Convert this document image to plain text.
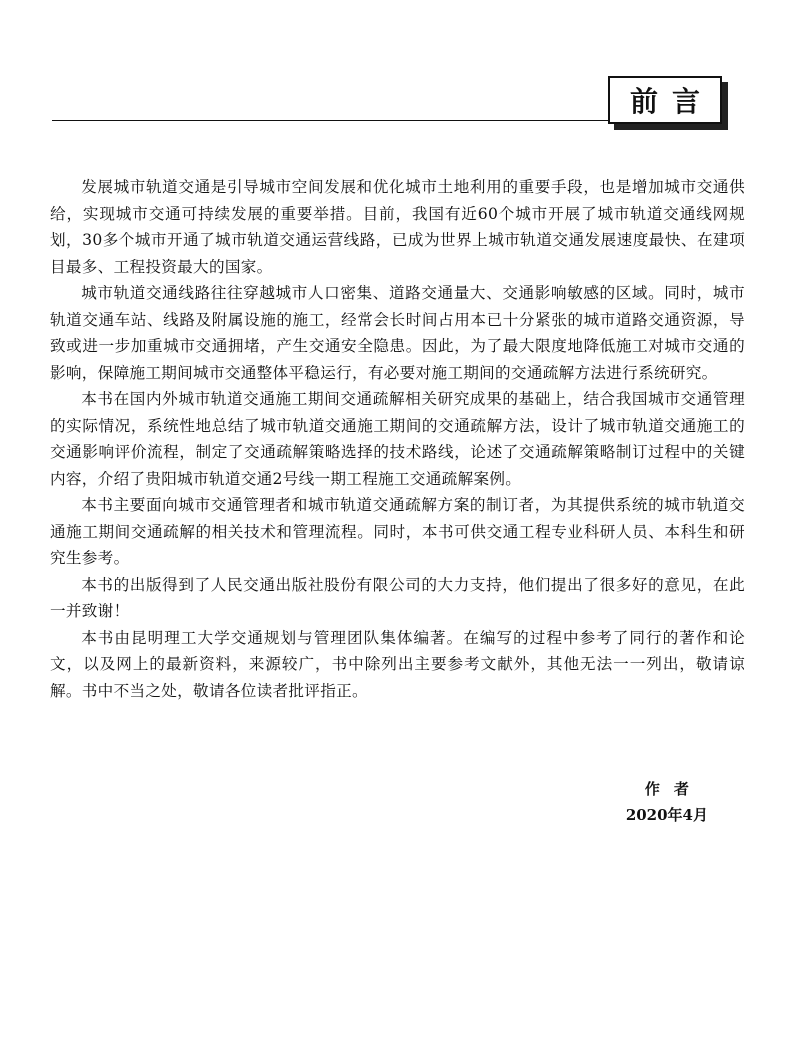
前言

发展城市轨道交通是引导城市空间发展和优化城市土地利用的重要手段，也是增加城市交通供给，实现城市交通可持续发展的重要举措。目前，我国有近60个城市开展了城市轨道交通线网规划，30多个城市开通了城市轨道交通运营线路，已成为世界上城市轨道交通发展速度最快、在建项目最多、工程投资最大的国家。

城市轨道交通线路往往穿越城市人口密集、道路交通量大、交通影响敏感的区域。同时，城市轨道交通车站、线路及附属设施的施工，经常会长时间占用本已十分紧张的城市道路交通资源，导致或进一步加重城市交通拥堵，产生交通安全隐患。因此，为了最大限度地降低施工对城市交通的影响，保障施工期间城市交通整体平稳运行，有必要对施工期间的交通疏解方法进行系统研究。

本书在国内外城市轨道交通施工期间交通疏解相关研究成果的基础上，结合我国城市交通管理的实际情况，系统性地总结了城市轨道交通施工期间的交通疏解方法，设计了城市轨道交通施工的交通影响评价流程，制定了交通疏解策略选择的技术路线，论述了交通疏解策略制订过程中的关键内容，介绍了贵阳城市轨道交通2号线一期工程施工交通疏解案例。

本书主要面向城市交通管理者和城市轨道交通疏解方案的制订者，为其提供系统的城市轨道交通施工期间交通疏解的相关技术和管理流程。同时，本书可供交通工程专业科研人员、本科生和研究生参考。

本书的出版得到了人民交通出版社股份有限公司的大力支持，他们提出了很多好的意见，在此一并致谢！

本书由昆明理工大学交通规划与管理团队集体编著。在编写的过程中参考了同行的著作和论文，以及网上的最新资料，来源较广，书中除列出主要参考文献外，其他无法一一列出，敬请谅解。书中不当之处，敬请各位读者批评指正。

作者
2020年4月
